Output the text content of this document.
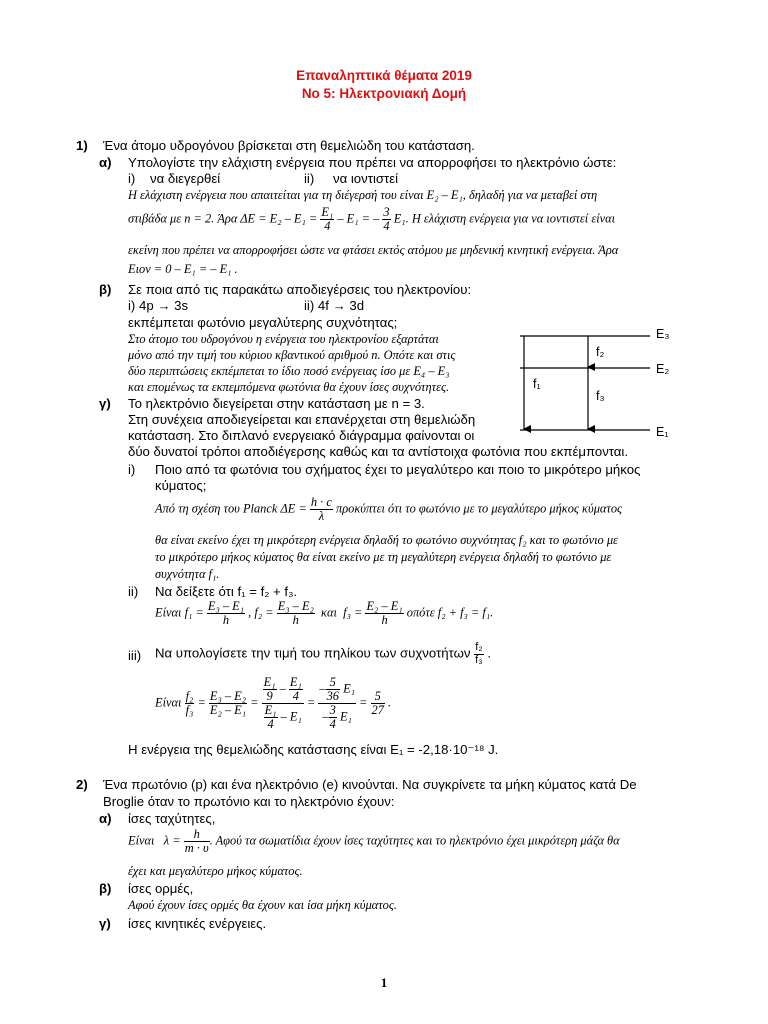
Επαναληπτικά θέματα 2019
Νο 5: Ηλεκτρονιακή Δομή
1) Ένα άτομο υδρογόνου βρίσκεται στη θεμελιώδη του κατάσταση.
α) Υπολογίστε την ελάχιστη ενέργεια που πρέπει να απορροφήσει το ηλεκτρόνιο ώστε:
i) να διεγερθεί	ii) να ιοντιστεί
Η ελάχιστη ενέργεια που απαιτείται για τη διέγερσή του είναι E₂ – E₁, δηλαδή για να μεταβεί στη
στιβάδα με n = 2. Άρα $\Delta E = E_2 - E_1 = \frac{\text{E₁}}{4} - E_1$ = – $\frac{3}{4} E_1$. Η ελάχιστη ενέργεια για να ιοντιστεί είναι
εκείνη που πρέπει να απορροφήσει ώστε να φτάσει εκτός ατόμου με μηδενική κινητική ενέργεια. Άρα
Eιον = 0 – E₁ = – E₁ .
β) Σε ποια από τις παρακάτω αποδιεγέρσεις του ηλεκτρονίου:
i) 4p → 3s	ii) 4f → 3d
εκπέμπεται φωτόνιο μεγαλύτερης συχνότητας;
Στο άτομο του υδρογόνου η ενέργεια του ηλεκτρονίου εξαρτάται
μόνο από την τιμή του κύριου κβαντικού αριθμού n. Οπότε και στις
δύο περιπτώσεις εκπέμπεται το ίδιο ποσό ενέργειας ίσο με E₄ – E₃
και επομένως τα εκπεμπόμενα φωτόνια θα έχουν ίσες συχνότητες.
γ) Το ηλεκτρόνιο διεγείρεται στην κατάσταση με n = 3.
Στη συνέχεια αποδιεγείρεται και επανέρχεται στη θεμελιώδη
κατάσταση. Στο διπλανό ενεργειακό διάγραμμα φαίνονται οι
δύο δυνατοί τρόποι αποδιέγερσης καθώς και τα αντίστοιχα φωτόνια που εκπέμπονται.
E₃
E₂
E₁
f₁
f₂
f₃
i) Ποιο από τα φωτόνια του σχήματος έχει το μεγαλύτερο και ποιο το μικρότερο μήκος
κύματος;
Από τη σχέση του Planck $\Delta E = \frac{h \cdot c}{\lambda}$ προκύπτει ότι το φωτόνιο με το μεγαλύτερο μήκος κύματος
θα είναι εκείνο έχει τη μικρότερη ενέργεια δηλαδή το φωτόνιο συχνότητας f₂ και το φωτόνιο με
το μικρότερο μήκος κύματος θα είναι εκείνο με τη μεγαλύτερη ενέργεια δηλαδή το φωτόνιο με
συχνότητα f₁.
ii) Να δείξετε ότι f₁ = f₂ + f₃.
Είναι $f_1 = \frac{\text{E₃ – E₁}}{h}$ , $f_2 = \frac{\text{E₃ – E₂}}{h}$ και $f_3 = \frac{\text{E₂ – E₁}}{h}$ οπότε f₂ + f₃ = f₁.
iii) Να υπολογίσετε την τιμή του πηλίκου των συχνοτήτων $\frac{\text{f₂}}{\text{f₃}}$ .
Είναι $\frac{\text{f₂}}{\text{f₃}} = \frac{\text{E₃ – E₂}}{\text{E₂ – E₁}} = \frac{\frac{\text{E₁}}{9} - \frac{\text{E₁}}{4}}{\frac{\text{E₁}}{4} - E_1} = \frac{- \frac{5}{36} E_1}{- \frac{3}{4} E_1} = \frac{5}{27}$ .
Η ενέργεια της θεμελιώδης κατάστασης είναι E₁ = -2,18·10⁻¹⁸ J.
2) Ένα πρωτόνιο (p) και ένα ηλεκτρόνιο (e) κινούνται. Να συγκρίνετε τα μήκη κύματος κατά De
Broglie όταν το πρωτόνιο και το ηλεκτρόνιο έχουν:
α) ίσες ταχύτητες,
Είναι $\lambda = \frac{h}{m \cdot \upsilon}$ . Αφού τα σωματίδια έχουν ίσες ταχύτητες και το ηλεκτρόνιο έχει μικρότερη μάζα θα
έχει και μεγαλύτερο μήκος κύματος.
β) ίσες ορμές,
Αφού έχουν ίσες ορμές θα έχουν και ίσα μήκη κύματος.
γ) ίσες κινητικές ενέργειες.
1
